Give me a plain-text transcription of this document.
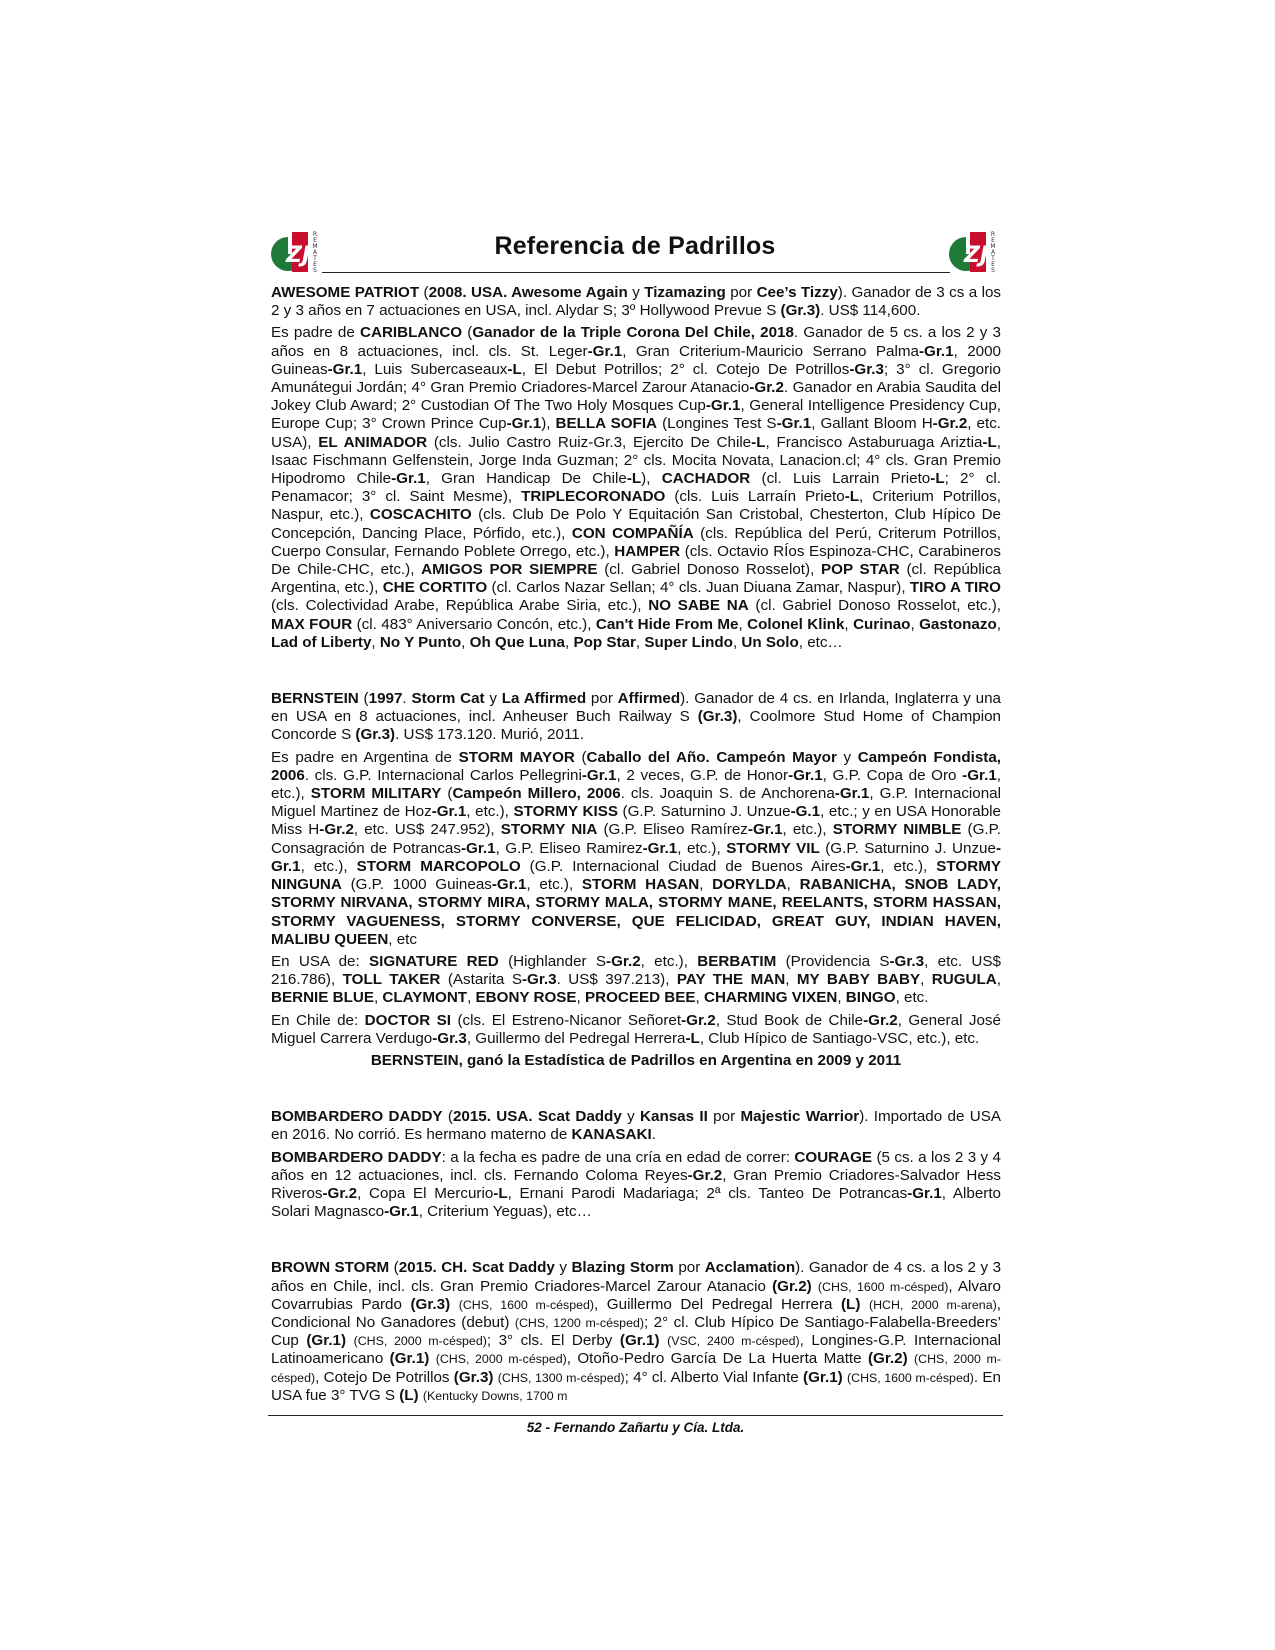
ZJ
R
E
M
A
T
E
S
Referencia de Padrillos	ZJ
R
E
M
A
T
E
S

AWESOME PATRIOT (2008. USA. Awesome Again y Tizamazing por Cee’s Tizzy). Ganador de 3 cs a los 2 y 3 años en 7 actuaciones en USA, incl. Alydar S; 3º Hollywood Prevue S (Gr.3). US$ 114,600.

Es padre de CARIBLANCO (Ganador de la Triple Corona Del Chile, 2018. Ganador de 5 cs. a los 2 y 3 años en 8 actuaciones, incl. cls. St. Leger-Gr.1, Gran Criterium-Mauricio Serrano Palma-Gr.1, 2000 Guineas-Gr.1, Luis Subercaseaux-L, El Debut Potrillos; 2° cl. Cotejo De Potrillos-Gr.3; 3° cl. Gregorio Amunátegui Jordán; 4° Gran Premio Criadores-Marcel Zarour Atanacio-Gr.2. Ganador en Arabia Saudita del Jokey Club Award; 2° Custodian Of The Two Holy Mosques Cup-Gr.1, General Intelligence Presidency Cup, Europe Cup; 3° Crown Prince Cup-Gr.1), BELLA SOFIA (Longines Test S-Gr.1, Gallant Bloom H-Gr.2, etc. USA), EL ANIMADOR (cls. Julio Castro Ruiz-Gr.3, Ejercito De Chile-L, Francisco Astaburuaga Ariztia-L, Isaac Fischmann Gelfenstein, Jorge Inda Guzman; 2° cls. Mocita Novata, Lanacion.cl; 4° cls. Gran Premio Hipodromo Chile-Gr.1, Gran Handicap De Chile-L), CACHADOR (cl. Luis Larrain Prieto-L; 2° cl. Penamacor; 3° cl. Saint Mesme), TRIPLECORONADO (cls. Luis Larraín Prieto-L, Criterium Potrillos, Naspur, etc.), COSCACHITO (cls. Club De Polo Y Equitación San Cristobal, Chesterton, Club Hípico De Concepción, Dancing Place, Pórfido, etc.), CON COMPAÑÍA (cls. República del Perú, Criterum Potrillos, Cuerpo Consular, Fernando Poblete Orrego, etc.), HAMPER (cls. Octavio RÍos Espinoza-CHC, Carabineros De Chile-CHC, etc.), AMIGOS POR SIEMPRE (cl. Gabriel Donoso Rosselot), POP STAR (cl. República Argentina, etc.), CHE CORTITO (cl. Carlos Nazar Sellan; 4° cls. Juan Diuana Zamar, Naspur), TIRO A TIRO (cls. Colectividad Arabe, República Arabe Siria, etc.), NO SABE NA (cl. Gabriel Donoso Rosselot, etc.), MAX FOUR (cl. 483° Aniversario Concón, etc.), Can't Hide From Me, Colonel Klink, Curinao, Gastonazo, Lad of Liberty, No Y Punto, Oh Que Luna, Pop Star, Super Lindo, Un Solo, etc…

BERNSTEIN (1997. Storm Cat y La Affirmed por Affirmed). Ganador de 4 cs. en Irlanda, Inglaterra y una en USA en 8 actuaciones, incl. Anheuser Buch Railway S (Gr.3), Coolmore Stud Home of Champion Concorde S (Gr.3). US$ 173.120. Murió, 2011.

Es padre en Argentina de STORM MAYOR (Caballo del Año. Campeón Mayor y Campeón Fondista, 2006. cls. G.P. Internacional Carlos Pellegrini-Gr.1, 2 veces, G.P. de Honor-Gr.1, G.P. Copa de Oro -Gr.1, etc.), STORM MILITARY (Campeón Millero, 2006. cls. Joaquin S. de Anchorena-Gr.1, G.P. Internacional Miguel Martinez de Hoz-Gr.1, etc.), STORMY KISS (G.P. Saturnino J. Unzue-G.1, etc.; y en USA Honorable Miss H-Gr.2, etc. US$ 247.952), STORMY NIA (G.P. Eliseo Ramírez-Gr.1, etc.), STORMY NIMBLE (G.P. Consagración de Potrancas-Gr.1, G.P. Eliseo Ramirez-Gr.1, etc.), STORMY VIL (G.P. Saturnino J. Unzue-Gr.1, etc.), STORM MARCOPOLO (G.P. Internacional Ciudad de Buenos Aires-Gr.1, etc.), STORMY NINGUNA (G.P. 1000 Guineas-Gr.1, etc.), STORM HASAN, DORYLDA, RABANICHA, SNOB LADY, STORMY NIRVANA, STORMY MIRA, STORMY MALA, STORMY MANE, REELANTS, STORM HASSAN, STORMY VAGUENESS, STORMY CONVERSE, QUE FELICIDAD, GREAT GUY, INDIAN HAVEN, MALIBU QUEEN, etc

En USA de: SIGNATURE RED (Highlander S-Gr.2, etc.), BERBATIM (Providencia S-Gr.3, etc. US$ 216.786), TOLL TAKER (Astarita S-Gr.3. US$ 397.213), PAY THE MAN, MY BABY BABY, RUGULA, BERNIE BLUE, CLAYMONT, EBONY ROSE, PROCEED BEE, CHARMING VIXEN, BINGO, etc.

En Chile de: DOCTOR SI (cls. El Estreno-Nicanor Señoret-Gr.2, Stud Book de Chile-Gr.2, General José Miguel Carrera Verdugo-Gr.3, Guillermo del Pedregal Herrera-L, Club Hípico de Santiago-VSC, etc.), etc.

BERNSTEIN, ganó la Estadística de Padrillos en Argentina en 2009 y 2011

BOMBARDERO DADDY (2015. USA. Scat Daddy y Kansas II por Majestic Warrior). Importado de USA en 2016. No corrió. Es hermano materno de KANASAKI.

BOMBARDERO DADDY: a la fecha es padre de una cría en edad de correr: COURAGE (5 cs. a los 2 3 y 4 años en 12 actuaciones, incl. cls. Fernando Coloma Reyes-Gr.2, Gran Premio Criadores-Salvador Hess Riveros-Gr.2, Copa El Mercurio-L, Ernani Parodi Madariaga; 2ª cls. Tanteo De Potrancas-Gr.1, Alberto Solari Magnasco-Gr.1, Criterium Yeguas), etc…

BROWN STORM (2015. CH. Scat Daddy y Blazing Storm por Acclamation). Ganador de 4 cs. a los 2 y 3 años en Chile, incl. cls. Gran Premio Criadores-Marcel Zarour Atanacio (Gr.2) (CHS, 1600 m-césped), Alvaro Covarrubias Pardo (Gr.3) (CHS, 1600 m-césped), Guillermo Del Pedregal Herrera (L) (HCH, 2000 m-arena), Condicional No Ganadores (debut) (CHS, 1200 m-césped); 2° cl. Club Hípico De Santiago-Falabella-Breeders’ Cup (Gr.1) (CHS, 2000 m-césped); 3° cls. El Derby (Gr.1) (VSC, 2400 m-césped), Longines-G.P. Internacional Latinoamericano (Gr.1) (CHS, 2000 m-césped), Otoño-Pedro García De La Huerta Matte (Gr.2) (CHS, 2000 m-césped), Cotejo De Potrillos (Gr.3) (CHS, 1300 m-césped); 4° cl. Alberto Vial Infante (Gr.1) (CHS, 1600 m-césped). En USA fue 3° TVG S (L) (Kentucky Downs, 1700 m

52 - Fernando Zañartu y Cía. Ltda.
